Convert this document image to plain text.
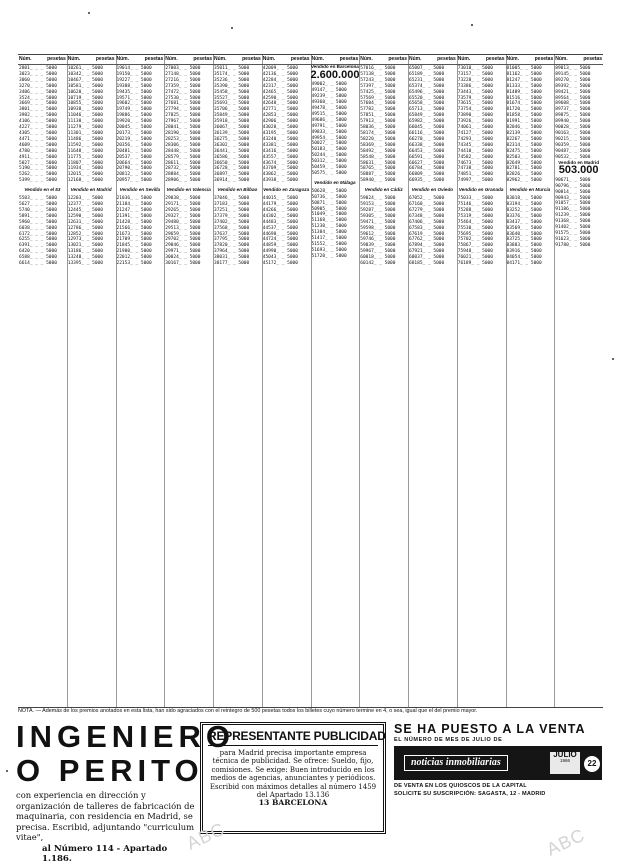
Núm.	pesetas
2801_ _ _ 5000
3023_ _ _ 5000
3060_ _ _ 5000
3270_ _ _ 5000
3406_ _ _ 5000
3524_ _ _ 5000
3669_ _ _ 5000
3801_ _ _ 5000
3982_ _ _ 5000
4106_ _ _ 5000
4227_ _ _ 5000
4305_ _ _ 5000
4471_ _ _ 5000
4609_ _ _ 5000
4780_ _ _ 5000
4911_ _ _ 5000
5027_ _ _ 5000
5190_ _ _ 5000
5262_ _ _ 5000
5399_ _ _ 5000
Vendido en el 53
5503_ _ _ 5000
5627_ _ _ 5000
5740_ _ _ 5000
5891_ _ _ 5000
5960_ _ _ 5000
6038_ _ _ 5000
6172_ _ _ 5000
6255_ _ _ 5000
6391_ _ _ 5000
6420_ _ _ 5000
6588_ _ _ 5000
6614_ _ _ 5000
Núm.	pesetas
10261_ _ 5000
10342_ _ 5000
10467_ _ 5000
10581_ _ 5000
10620_ _ 5000
10719_ _ 5000
10855_ _ 5000
10938_ _ 5000
11046_ _ 5000
11130_ _ 5000
11279_ _ 5000
11301_ _ 5000
11486_ _ 5000
11592_ _ 5000
11648_ _ 5000
11775_ _ 5000
11807_ _ 5000
11934_ _ 5000
12015_ _ 5000
12168_ _ 5000
Vendido en Madrid
12203_ _ 5000
12377_ _ 5000
12445_ _ 5000
12590_ _ 5000
12631_ _ 5000
12786_ _ 5000
12852_ _ 5000
12973_ _ 5000
13021_ _ 5000
13186_ _ 5000
13248_ _ 5000
13395_ _ 5000
Núm.	pesetas
19014_ _ 5000
19150_ _ 5000
19227_ _ 5000
19388_ _ 5000
19435_ _ 5000
19571_ _ 5000
19602_ _ 5000
19749_ _ 5000
19886_ _ 5000
19920_ _ 5000
20045_ _ 5000
20173_ _ 5000
20219_ _ 5000
20356_ _ 5000
20481_ _ 5000
20537_ _ 5000
20664_ _ 5000
20790_ _ 5000
20812_ _ 5000
20957_ _ 5000
Vendido en Sevilla
21036_ _ 5000
21184_ _ 5000
21247_ _ 5000
21391_ _ 5000
21428_ _ 5000
21566_ _ 5000
21673_ _ 5000
21709_ _ 5000
21845_ _ 5000
21980_ _ 5000
22012_ _ 5000
22153_ _ 5000
Núm.	pesetas
27003_ _ 5000
27148_ _ 5000
27216_ _ 5000
27359_ _ 5000
27472_ _ 5000
27530_ _ 5000
27681_ _ 5000
27794_ _ 5000
27825_ _ 5000
27967_ _ 5000
28041_ _ 5000
28190_ _ 5000
28253_ _ 5000
28306_ _ 5000
28448_ _ 5000
28579_ _ 5000
28611_ _ 5000
28732_ _ 5000
28884_ _ 5000
28906_ _ 5000
Vendido en Valencia
29038_ _ 5000
29171_ _ 5000
29265_ _ 5000
29327_ _ 5000
29480_ _ 5000
29513_ _ 5000
29659_ _ 5000
29702_ _ 5000
29846_ _ 5000
29971_ _ 5000
30024_ _ 5000
30167_ _ 5000
Núm.	pesetas
35011_ _ 5000
35174_ _ 5000
35236_ _ 5000
35390_ _ 5000
35458_ _ 5000
35527_ _ 5000
35693_ _ 5000
35706_ _ 5000
35849_ _ 5000
35918_ _ 5000
36067_ _ 5000
36139_ _ 5000
36275_ _ 5000
36302_ _ 5000
36441_ _ 5000
36586_ _ 5000
36650_ _ 5000
36728_ _ 5000
36897_ _ 5000
36914_ _ 5000
Vendido en Bilbao
37046_ _ 5000
37183_ _ 5000
37251_ _ 5000
37379_ _ 5000
37402_ _ 5000
37568_ _ 5000
37637_ _ 5000
37795_ _ 5000
37820_ _ 5000
37964_ _ 5000
38031_ _ 5000
38177_ _ 5000
Núm.	pesetas
42009_ _ 5000
42136_ _ 5000
42284_ _ 5000
42317_ _ 5000
42465_ _ 5000
42590_ _ 5000
42648_ _ 5000
42771_ _ 5000
42853_ _ 5000
42906_ _ 5000
43028_ _ 5000
43195_ _ 5000
43240_ _ 5000
43381_ _ 5000
43416_ _ 5000
43557_ _ 5000
43674_ _ 5000
43709_ _ 5000
43862_ _ 5000
43938_ _ 5000
Vendido en Zaragoza
44015_ _ 5000
44179_ _ 5000
44266_ _ 5000
44302_ _ 5000
44483_ _ 5000
44537_ _ 5000
44698_ _ 5000
44724_ _ 5000
44859_ _ 5000
44990_ _ 5000
45043_ _ 5000
45172_ _ 5000
Núm.	pesetas
Vendido en Barcelona
2.600.000
49002_ _ 5000
49147_ _ 5000
49239_ _ 5000
49360_ _ 5000
49478_ _ 5000
49515_ _ 5000
49686_ _ 5000
49791_ _ 5000
49833_ _ 5000
49954_ _ 5000
50027_ _ 5000
50183_ _ 5000
50244_ _ 5000
50312_ _ 5000
50459_ _ 5000
50575_ _ 5000
Vendido en Málaga
50628_ _ 5000
50736_ _ 5000
50871_ _ 5000
50905_ _ 5000
51049_ _ 5000
51168_ _ 5000
51230_ _ 5000
51384_ _ 5000
51417_ _ 5000
51552_ _ 5000
51693_ _ 5000
51720_ _ 5000
Núm.	pesetas
57016_ _ 5000
57138_ _ 5000
57243_ _ 5000
57397_ _ 5000
57425_ _ 5000
57569_ _ 5000
57604_ _ 5000
57782_ _ 5000
57851_ _ 5000
57913_ _ 5000
58036_ _ 5000
58174_ _ 5000
58220_ _ 5000
58369_ _ 5000
58492_ _ 5000
58548_ _ 5000
58631_ _ 5000
58765_ _ 5000
58887_ _ 5000
58940_ _ 5000
Vendido en Cádiz
59024_ _ 5000
59153_ _ 5000
59287_ _ 5000
59305_ _ 5000
59471_ _ 5000
59598_ _ 5000
59612_ _ 5000
59746_ _ 5000
59839_ _ 5000
59967_ _ 5000
60018_ _ 5000
60142_ _ 5000
Núm.	pesetas
65007_ _ 5000
65189_ _ 5000
65231_ _ 5000
65374_ _ 5000
65496_ _ 5000
65520_ _ 5000
65658_ _ 5000
65713_ _ 5000
65849_ _ 5000
65982_ _ 5000
66045_ _ 5000
66116_ _ 5000
66270_ _ 5000
66338_ _ 5000
66453_ _ 5000
66591_ _ 5000
66627_ _ 5000
66784_ _ 5000
66809_ _ 5000
66935_ _ 5000
Vendido en Oviedo
67052_ _ 5000
67160_ _ 5000
67279_ _ 5000
67348_ _ 5000
67406_ _ 5000
67583_ _ 5000
67619_ _ 5000
67762_ _ 5000
67894_ _ 5000
67921_ _ 5000
68037_ _ 5000
68185_ _ 5000
Núm.	pesetas
73010_ _ 5000
73157_ _ 5000
73228_ _ 5000
73386_ _ 5000
73443_ _ 5000
73579_ _ 5000
73615_ _ 5000
73754_ _ 5000
73890_ _ 5000
73926_ _ 5000
74061_ _ 5000
74127_ _ 5000
74293_ _ 5000
74345_ _ 5000
74410_ _ 5000
74582_ _ 5000
74673_ _ 5000
74738_ _ 5000
74851_ _ 5000
74997_ _ 5000
Vendido en Granada
75033_ _ 5000
75146_ _ 5000
75288_ _ 5000
75319_ _ 5000
75464_ _ 5000
75530_ _ 5000
75695_ _ 5000
75702_ _ 5000
75867_ _ 5000
75948_ _ 5000
76021_ _ 5000
76189_ _ 5000
Núm.	pesetas
81005_ _ 5000
81162_ _ 5000
81247_ _ 5000
81333_ _ 5000
81489_ _ 5000
81516_ _ 5000
81674_ _ 5000
81720_ _ 5000
81858_ _ 5000
81991_ _ 5000
82046_ _ 5000
82139_ _ 5000
82267_ _ 5000
82314_ _ 5000
82475_ _ 5000
82503_ _ 5000
82649_ _ 5000
82781_ _ 5000
82826_ _ 5000
82962_ _ 5000
Vendido en Murcia
83018_ _ 5000
83194_ _ 5000
83252_ _ 5000
83376_ _ 5000
83437_ _ 5000
83569_ _ 5000
83640_ _ 5000
83725_ _ 5000
83883_ _ 5000
83916_ _ 5000
84054_ _ 5000
84171_ _ 5000
Núm.	pesetas
89013_ _ 5000
89145_ _ 5000
89270_ _ 5000
89392_ _ 5000
89421_ _ 5000
89564_ _ 5000
89608_ _ 5000
89737_ _ 5000
89875_ _ 5000
89940_ _ 5000
90028_ _ 5000
90163_ _ 5000
90215_ _ 5000
90359_ _ 5000
90487_ _ 5000
90532_ _ 5000
Vendido en Madrid
503.000
90671_ _ 5000
90796_ _ 5000
90814_ _ 5000
90943_ _ 5000
91057_ _ 5000
91186_ _ 5000
91239_ _ 5000
91368_ _ 5000
91402_ _ 5000
91575_ _ 5000
91623_ _ 5000
91780_ _ 5000
NOTA. — Además de los premios anotados en esta lista, han sido agraciados con el reintegro de 500 pesetas todos los billetes cuyo número termine en 4, o sea, igual que el del premio mayor.
INGENIERO
O PERITO
con experiencia en dirección y organización de talleres de fabricación de maquinaria, con residencia en Madrid, se precisa. Escribid, adjuntando "curriculum vitae",
al Número 114 - Apartado 1.186.
REPRESENTANTE PUBLICIDAD
para Madrid precisa importante empresa técnica de publicidad. Se ofrece: Sueldo, fijo, comisiones. Se exige: Buen introducido en los medios de agencias, anunciantes y periódicos. Escribid con máximos detalles al número 1459 del Apartado 13.136
13 BARCELONA
SE HA PUESTO A LA VENTA
EL NÚMERO DE MES DE JULIO DE
noticias inmobiliarias
JULIO
1966	22
DE VENTA EN LOS QUIOSCOS DE LA CAPITAL
SOLICITE SU SUSCRIPCIÓN: SAGASTA, 12 - MADRID
ABC	ABC
